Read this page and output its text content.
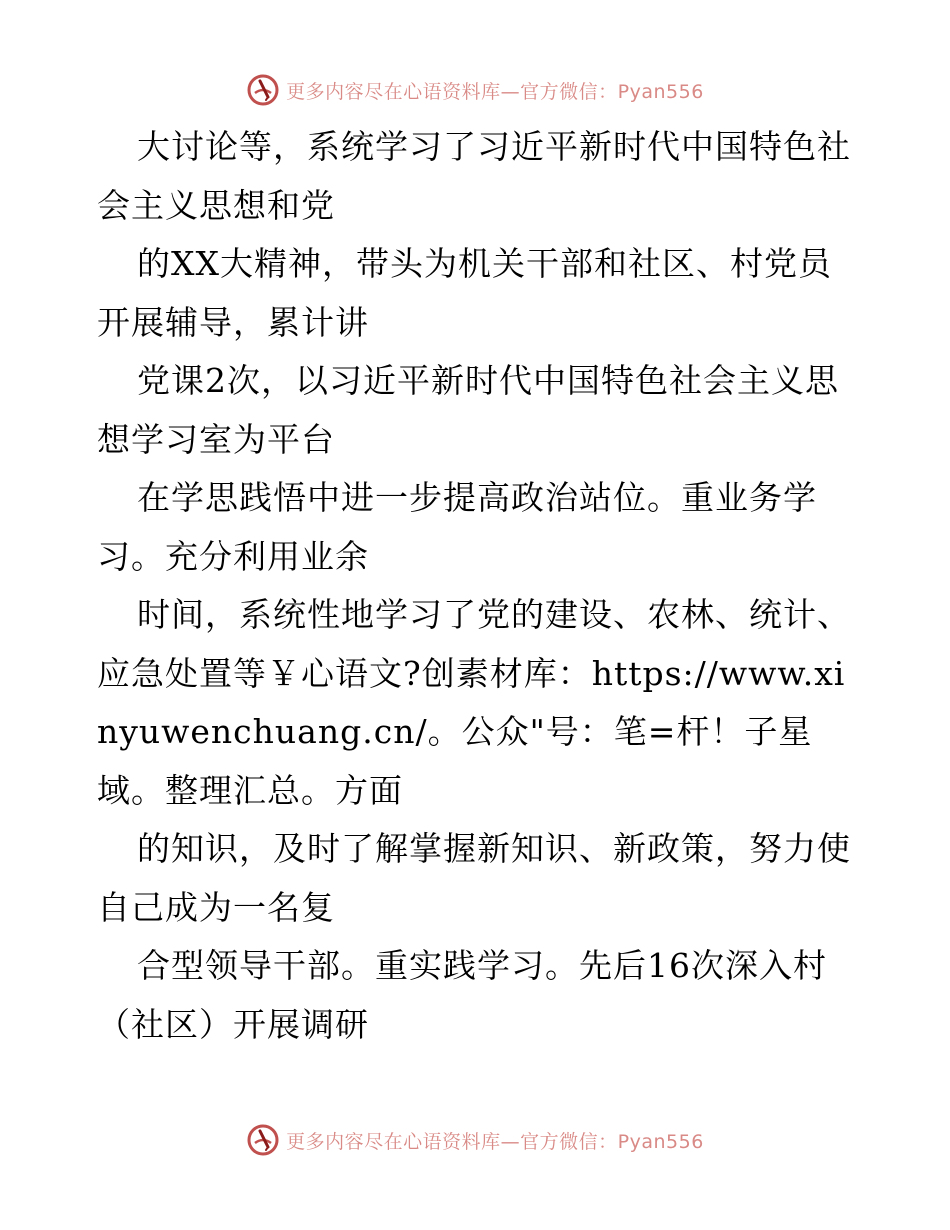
更多内容尽在心语资料库—官方微信：Pyan556

大讨论等，系统学习了习近平新时代中国特色社会主义思想和党

的XX大精神，带头为机关干部和社区、村党员开展辅导，累计讲

党课2次，以习近平新时代中国特色社会主义思想学习室为平台

在学思践悟中进一步提高政治站位。重业务学习。充分利用业余

时间，系统性地学习了党的建设、农林、统计、应急处置等￥心语文?创素材库：https://www.xinyuwenchuang.cn/。公众"号：笔=杆！子星域。整理汇总。方面

的知识，及时了解掌握新知识、新政策，努力使自己成为一名复

合型领导干部。重实践学习。先后16次深入村（社区）开展调研

更多内容尽在心语资料库—官方微信：Pyan556
